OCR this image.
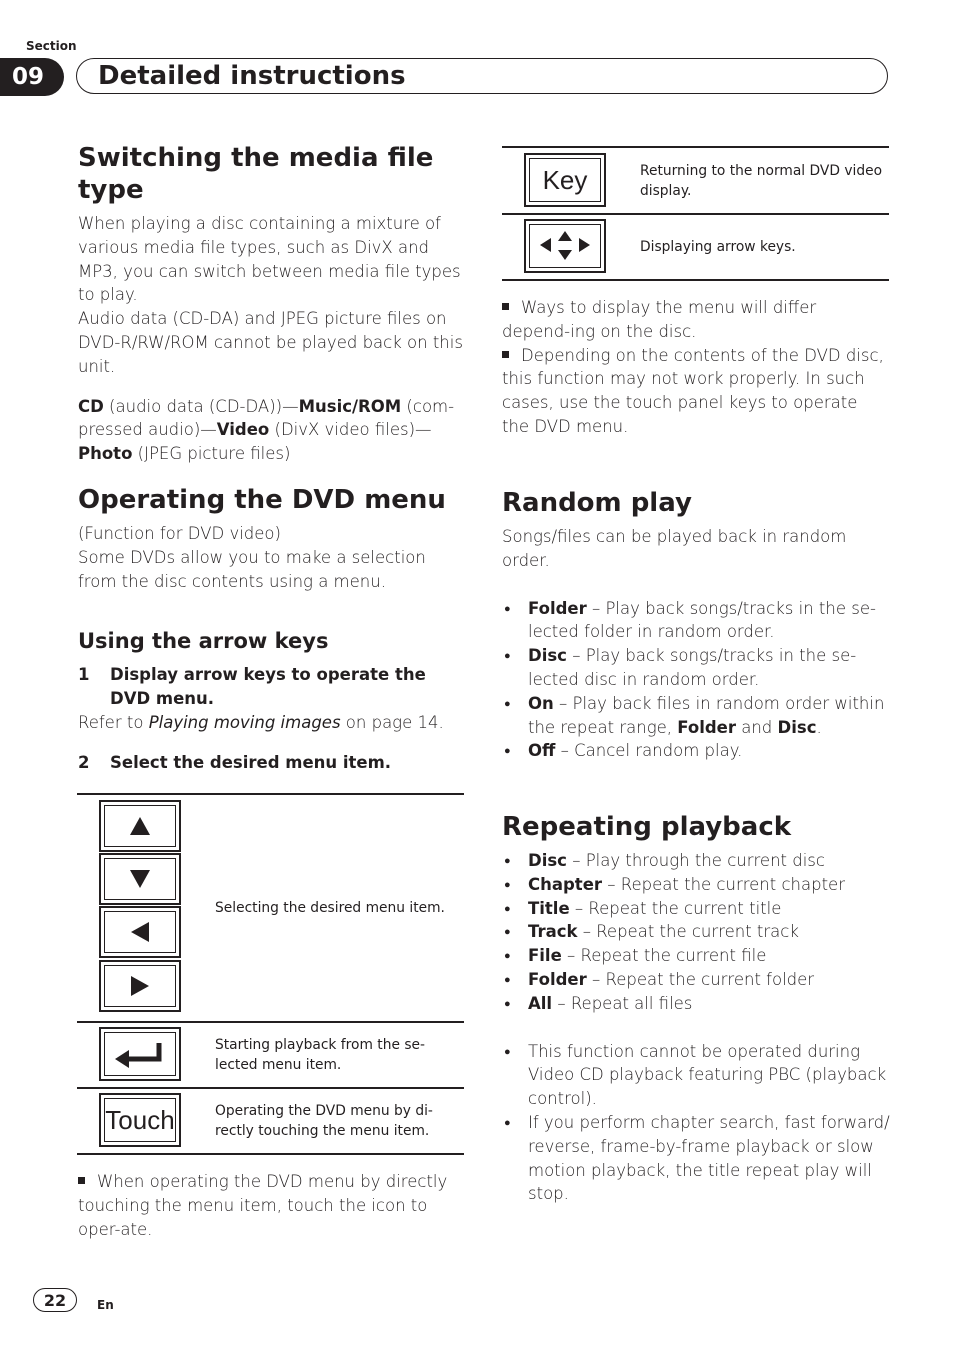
Section
09	Detailed instructions
Switching the media file type
When playing a disc containing a mixture of various media file types, such as DivX and MP3, you can switch between media file types to play.
Audio data (CD-DA) and JPEG picture files on DVD-R/RW/ROM cannot be played back on this unit.
CD (audio data (CD-DA))—Music/ROM (com-pressed audio)—Video (DivX video files)—Photo (JPEG picture files)
Operating the DVD menu
(Function for DVD video)
Some DVDs allow you to make a selection from the disc contents using a menu.
Using the arrow keys
1	Display arrow keys to operate the DVD menu.
Refer to Playing moving images on page 14.
2	Select the desired menu item.
Selecting the desired menu item.
Starting playback from the se-lected menu item.
Touch	Operating the DVD menu by di-rectly touching the menu item.
When operating the DVD menu by directly touching the menu item, touch the icon to oper-ate.
Key	Returning to the normal DVD video display.
Displaying arrow keys.
Ways to display the menu will differ depend-ing on the disc.
Depending on the contents of the DVD disc, this function may not work properly. In such cases, use the touch panel keys to operate the DVD menu.
Random play
Songs/files can be played back in random order.
● Folder – Play back songs/tracks in the se-lected folder in random order.
● Disc – Play back songs/tracks in the se-lected disc in random order.
● On – Play back files in random order within the repeat range, Folder and Disc.
● Off – Cancel random play.
Repeating playback
● Disc – Play through the current disc
● Chapter – Repeat the current chapter
● Title – Repeat the current title
● Track – Repeat the current track
● File – Repeat the current file
● Folder – Repeat the current folder
● All – Repeat all files
● This function cannot be operated during Video CD playback featuring PBC (playback control).
● If you perform chapter search, fast forward/ reverse, frame-by-frame playback or slow motion playback, the title repeat play will stop.
22	En
